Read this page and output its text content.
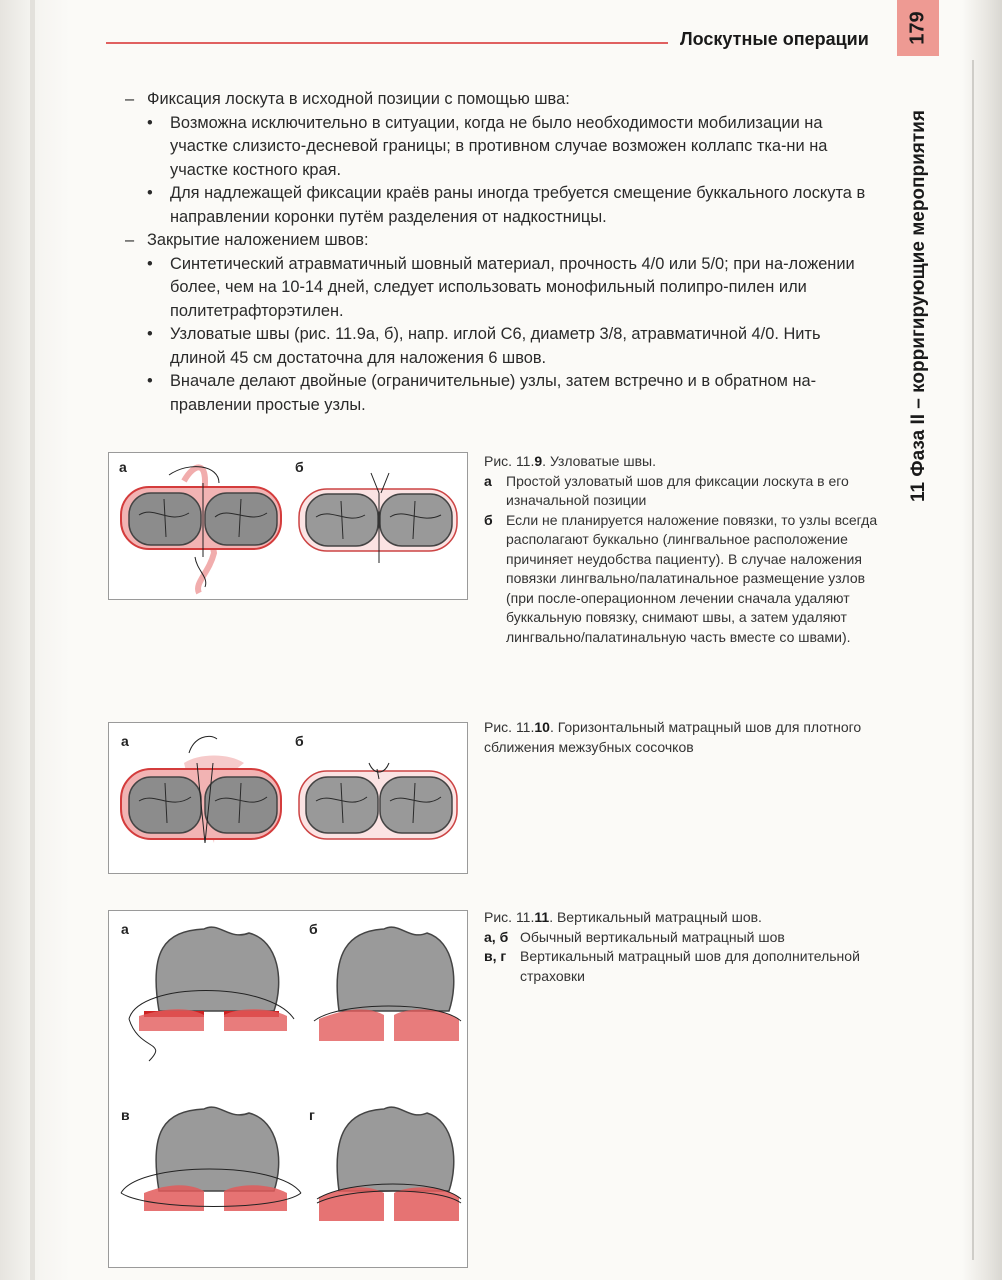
Лоскутные операции 179
11 Фаза II – корригирующие мероприятия
– Фиксация лоскута в исходной позиции с помощью шва:
• Возможна исключительно в ситуации, когда не было необходимости мобилизации на участке слизисто-десневой границы; в противном случае возможен коллапс тка-ни на участке костного края.
• Для надлежащей фиксации краёв раны иногда требуется смещение буккального лоскута в направлении коронки путём разделения от надкостницы.
– Закрытие наложением швов:
• Синтетический атравматичный шовный материал, прочность 4/0 или 5/0; при на-ложении более, чем на 10-14 дней, следует использовать монофильный полипро-пилен или политетрафторэтилен.
• Узловатые швы (рис. 11.9а, б), напр. иглой С6, диаметр 3/8, атравматичной 4/0. Нить длиной 45 см достаточна для наложения 6 швов.
• Вначале делают двойные (ограничительные) узлы, затем встречно и в обратном на-правлении простые узлы.
а	б	Рис. 11.9. Узловатые швы.
а	Простой узловатый шов для фиксации лоскута в его изначальной позиции
б Если не планируется наложение повязки, то узлы всегда располагают буккально (лингвальное расположение причиняет неудобства пациенту). В случае наложения повязки лингвально/палатинальное размещение узлов (при после-операционном лечении сначала удаляют буккальную повязку, снимают швы, а затем удаляют лингвально/палатинальную часть вместе со швами).
а	б
Рис. 11.10. Горизонтальный матрацный шов для плотного сближения межзубных сосочков
а	б
в	г
Рис. 11.11. Вертикальный матрацный шов.
а, б Обычный вертикальный матрацный шов
в, г Вертикальный матрацный шов для дополнительной страховки
